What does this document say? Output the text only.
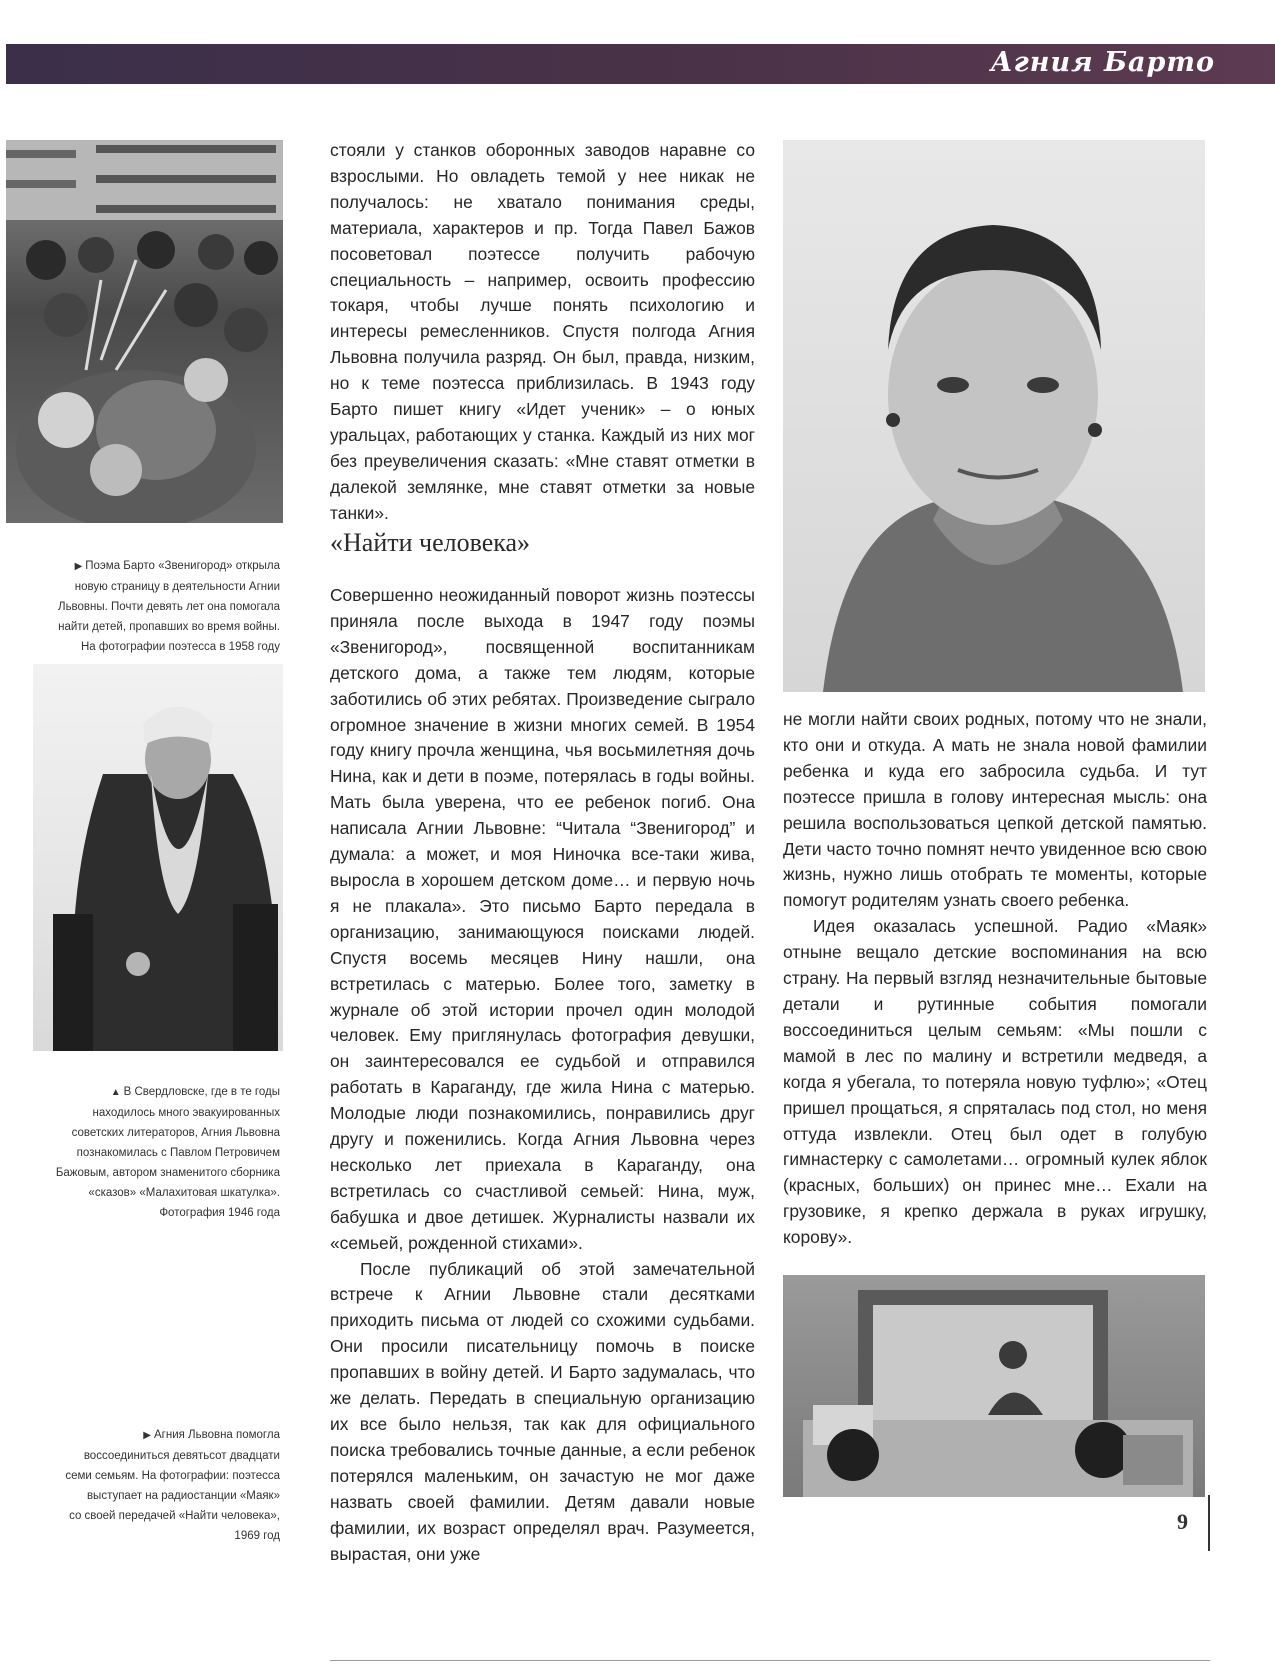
Агния Барто

▶ Поэма Барто «Звенигород» открыла
новую страницу в деятельности Агнии
Львовны. Почти девять лет она помогала
найти детей, пропавших во время войны.
На фотографии поэтесса в 1958 году

▲ В Свердловске, где в те годы
находилось много эвакуированных
советских литераторов, Агния Львовна
познакомилась с Павлом Петровичем
Бажовым, автором знаменитого сборника
«сказов» «Малахитовая шкатулка».
Фотография 1946 года

▶ Агния Львовна помогла
воссоединиться девятьсот двадцати
семи семьям. На фотографии: поэтесса
выступает на радиостанции «Маяк»
со своей передачей «Найти человека»,
1969 год

стояли у станков оборонных заводов наравне со взрослыми. Но овладеть темой у нее никак не получалось: не хватало понимания среды, материала, характеров и пр. Тогда Павел Бажов посоветовал поэтессе получить рабочую специальность – например, освоить профессию токаря, чтобы лучше понять психологию и интересы ремесленников. Спустя полгода Агния Львовна получила разряд. Он был, правда, низким, но к теме поэтесса приблизилась. В 1943 году Барто пишет книгу «Идет ученик» – о юных уральцах, работающих у станка. Каждый из них мог без преувеличения сказать: «Мне ставят отметки в далекой землянке, мне ставят отметки за новые танки».

«Найти человека»

Совершенно неожиданный поворот жизнь поэтессы приняла после выхода в 1947 году поэмы «Звенигород», посвященной воспитанникам детского дома, а также тем людям, которые заботились об этих ребятах. Произведение сыграло огромное значение в жизни многих семей. В 1954 году книгу прочла женщина, чья восьмилетняя дочь Нина, как и дети в поэме, потерялась в годы войны. Мать была уверена, что ее ребенок погиб. Она написала Агнии Львовне: “Читала “Звенигород” и думала: а может, и моя Ниночка все-таки жива, выросла в хорошем детском доме… и первую ночь я не плакала». Это письмо Барто передала в организацию, занимающуюся поисками людей. Спустя восемь месяцев Нину нашли, она встретилась с матерью. Более того, заметку в журнале об этой истории прочел один молодой человек. Ему приглянулась фотография девушки, он заинтересовался ее судьбой и отправился работать в Караганду, где жила Нина с матерью. Молодые люди познакомились, понравились друг другу и поженились. Когда Агния Львовна через несколько лет приехала в Караганду, она встретилась со счастливой семьей: Нина, муж, бабушка и двое детишек. Журналисты назвали их «семьей, рожденной стихами».

После публикаций об этой замечательной встрече к Агнии Львовне стали десятками приходить письма от людей со схожими судьбами. Они просили писательницу помочь в поиске пропавших в войну детей. И Барто задумалась, что же делать. Передать в специальную организацию их все было нельзя, так как для официального поиска требовались точные данные, а если ребенок потерялся маленьким, он зачастую не мог даже назвать своей фамилии. Детям давали новые фамилии, их возраст определял врач. Разумеется, вырастая, они уже

не могли найти своих родных, потому что не знали, кто они и откуда. А мать не знала новой фамилии ребенка и куда его забросила судьба. И тут поэтессе пришла в голову интересная мысль: она решила воспользоваться цепкой детской памятью. Дети часто точно помнят нечто увиденное всю свою жизнь, нужно лишь отобрать те моменты, которые помогут родителям узнать своего ребенка.

Идея оказалась успешной. Радио «Маяк» отныне вещало детские воспоминания на всю страну. На первый взгляд незначительные бытовые детали и рутинные события помогали воссоединиться целым семьям: «Мы пошли с мамой в лес по малину и встретили медведя, а когда я убегала, то потеряла новую туфлю»; «Отец пришел прощаться, я спряталась под стол, но меня оттуда извлекли. Отец был одет в голубую гимнастерку с самолетами… огромный кулек яблок (красных, больших) он принес мне… Ехали на грузовике, я крепко держала в руках игрушку, корову».

9
